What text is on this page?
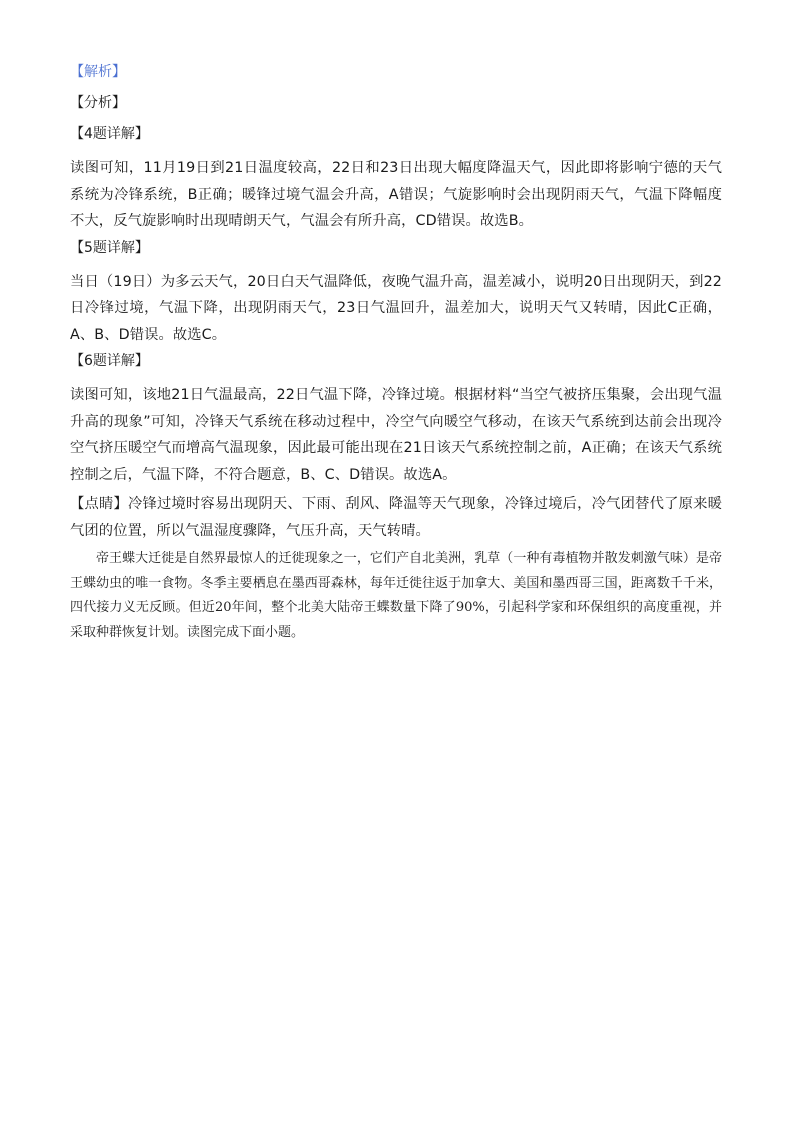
【解析】
【分析】
【4题详解】

读图可知，11月19日到21日温度较高，22日和23日出现大幅度降温天气，因此即将影响宁德的天气系统为冷锋系统，B正确；暖锋过境气温会升高，A错误；气旋影响时会出现阴雨天气，气温下降幅度不大，反气旋影响时出现晴朗天气，气温会有所升高，CD错误。故选B。

【5题详解】

当日（19日）为多云天气，20日白天气温降低，夜晚气温升高，温差减小，说明20日出现阴天，到22日冷锋过境，气温下降，出现阴雨天气，23日气温回升，温差加大，说明天气又转晴，因此C正确，A、B、D错误。故选C。

【6题详解】

读图可知，该地21日气温最高，22日气温下降，冷锋过境。根据材料“当空气被挤压集聚，会出现气温升高的现象”可知，冷锋天气系统在移动过程中，冷空气向暖空气移动，在该天气系统到达前会出现冷空气挤压暖空气而增高气温现象，因此最可能出现在21日该天气系统控制之前，A正确；在该天气系统控制之后，气温下降，不符合题意，B、C、D错误。故选A。

【点睛】冷锋过境时容易出现阴天、下雨、刮风、降温等天气现象，冷锋过境后，冷气团替代了原来暖气团的位置，所以气温湿度骤降，气压升高，天气转晴。

帝王蝶大迁徙是自然界最惊人的迁徙现象之一，它们产自北美洲，乳草（一种有毒植物并散发刺激气味）是帝王蝶幼虫的唯一食物。冬季主要栖息在墨西哥森林，每年迁徙往返于加拿大、美国和墨西哥三国，距离数千千米，四代接力义无反顾。但近20年间，整个北美大陆帝王蝶数量下降了90%，引起科学家和环保组织的高度重视，并采取种群恢复计划。读图完成下面小题。
